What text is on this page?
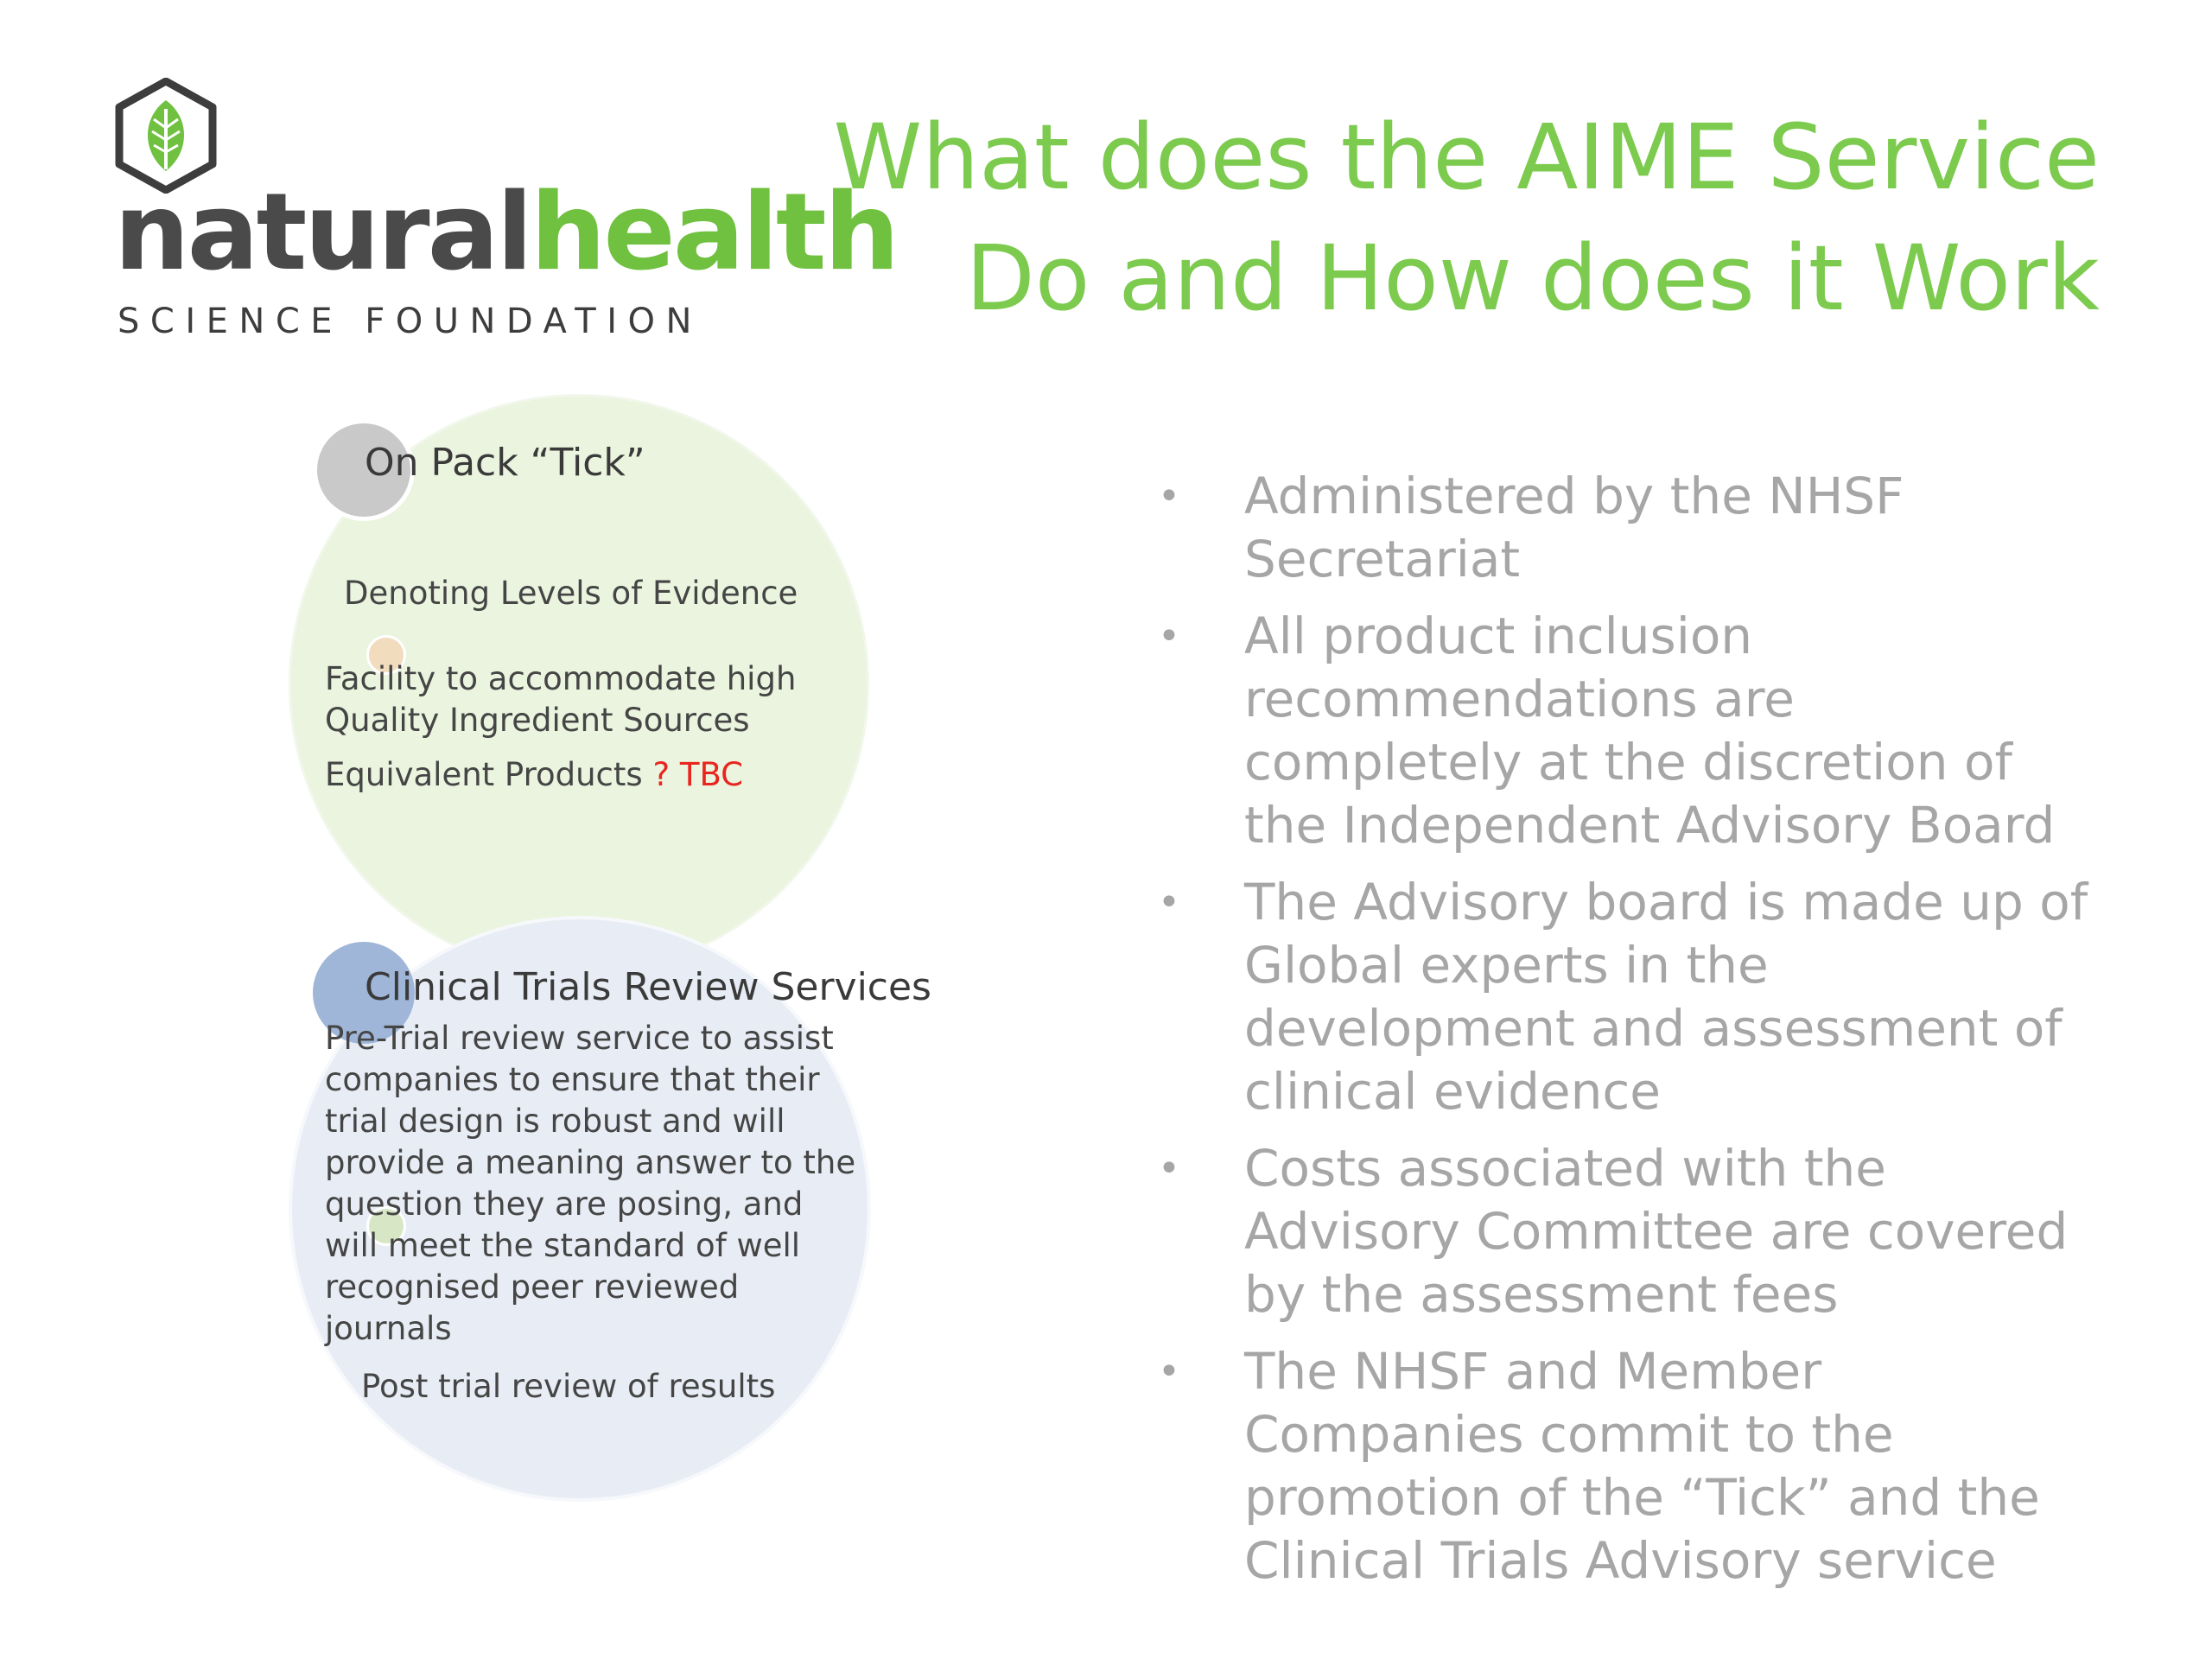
naturalhealth
SCIENCE FOUNDATION
What does the AIME Service
Do and How does it Work
On Pack “Tick”
Denoting Levels of Evidence
Facility to accommodate high Quality Ingredient Sources
Equivalent Products ? TBC
Clinical Trials Review Services
Pre-Trial review service to assist
companies to ensure that their
trial design is robust and will
provide a meaning answer to the
question they are posing, and
will meet the standard of well
recognised peer reviewed
journals
Post trial review of results
• Administered by the NHSF
Secretariat
• All product inclusion
recommendations are
completely at the discretion of
the Independent Advisory Board
• The Advisory board is made up of
Global experts in the
development and assessment of
clinical evidence
• Costs associated with the
Advisory Committee are covered
by the assessment fees
• The NHSF and Member
Companies commit to the
promotion of the “Tick” and the
Clinical Trials Advisory service
